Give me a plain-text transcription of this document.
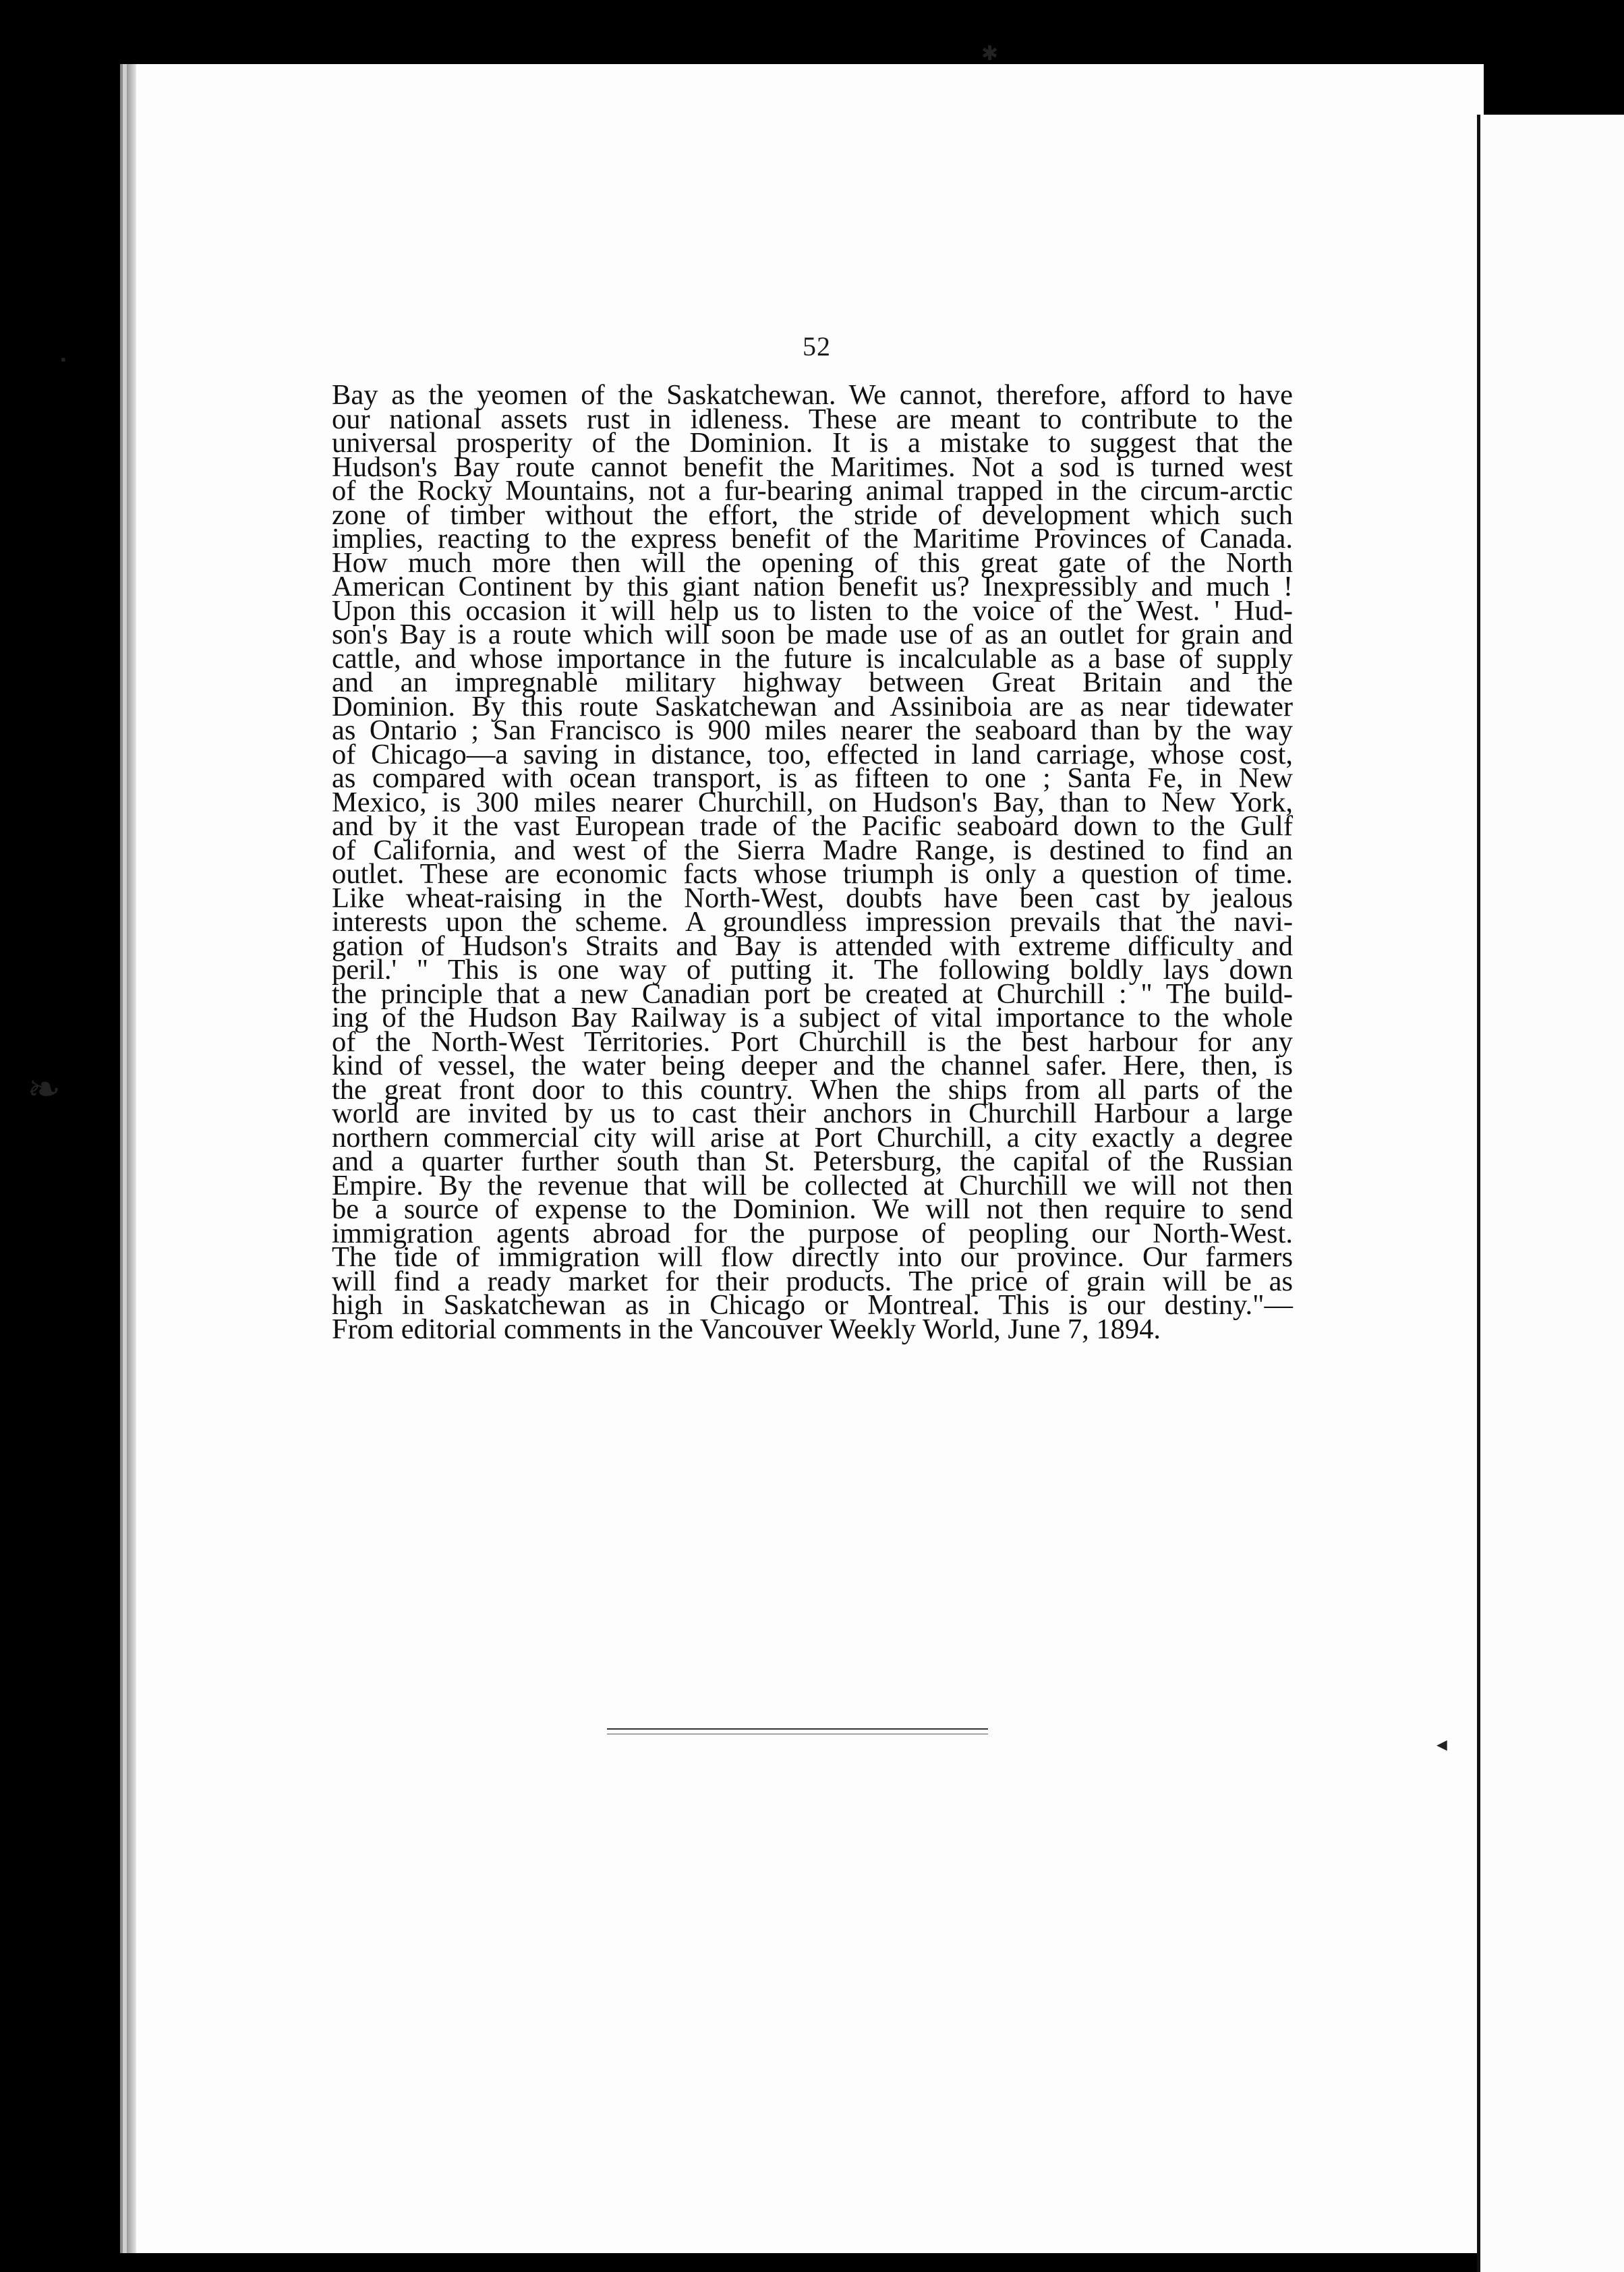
52
Bay as the yeomen of the Saskatchewan. We cannot, therefore, afford to have
our national assets rust in idleness. These are meant to contribute to the
universal prosperity of the Dominion. It is a mistake to suggest that the
Hudson's Bay route cannot benefit the Maritimes. Not a sod is turned west
of the Rocky Mountains, not a fur-bearing animal trapped in the circum-arctic
zone of timber without the effort, the stride of development which such
implies, reacting to the express benefit of the Maritime Provinces of Canada.
How much more then will the opening of this great gate of the North
American Continent by this giant nation benefit us? Inexpressibly and much !
Upon this occasion it will help us to listen to the voice of the West. ' Hud-
son's Bay is a route which will soon be made use of as an outlet for grain and
cattle, and whose importance in the future is incalculable as a base of supply
and an impregnable military highway between Great Britain and the
Dominion. By this route Saskatchewan and Assiniboia are as near tidewater
as Ontario ; San Francisco is 900 miles nearer the seaboard than by the way
of Chicago—a saving in distance, too, effected in land carriage, whose cost,
as compared with ocean transport, is as fifteen to one ; Santa Fe, in New
Mexico, is 300 miles nearer Churchill, on Hudson's Bay, than to New York,
and by it the vast European trade of the Pacific seaboard down to the Gulf
of California, and west of the Sierra Madre Range, is destined to find an
outlet. These are economic facts whose triumph is only a question of time.
Like wheat-raising in the North-West, doubts have been cast by jealous
interests upon the scheme. A groundless impression prevails that the navi-
gation of Hudson's Straits and Bay is attended with extreme difficulty and
peril.' " This is one way of putting it. The following boldly lays down
the principle that a new Canadian port be created at Churchill : " The build-
ing of the Hudson Bay Railway is a subject of vital importance to the whole
of the North-West Territories. Port Churchill is the best harbour for any
kind of vessel, the water being deeper and the channel safer. Here, then, is
the great front door to this country. When the ships from all parts of the
world are invited by us to cast their anchors in Churchill Harbour a large
northern commercial city will arise at Port Churchill, a city exactly a degree
and a quarter further south than St. Petersburg, the capital of the Russian
Empire. By the revenue that will be collected at Churchill we will not then
be a source of expense to the Dominion. We will not then require to send
immigration agents abroad for the purpose of peopling our North-West.
The tide of immigration will flow directly into our province. Our farmers
will find a ready market for their products. The price of grain will be as
high in Saskatchewan as in Chicago or Montreal. This is our destiny."—
From editorial comments in the Vancouver Weekly World, June 7, 1894.
✱
▪
❧
◄
